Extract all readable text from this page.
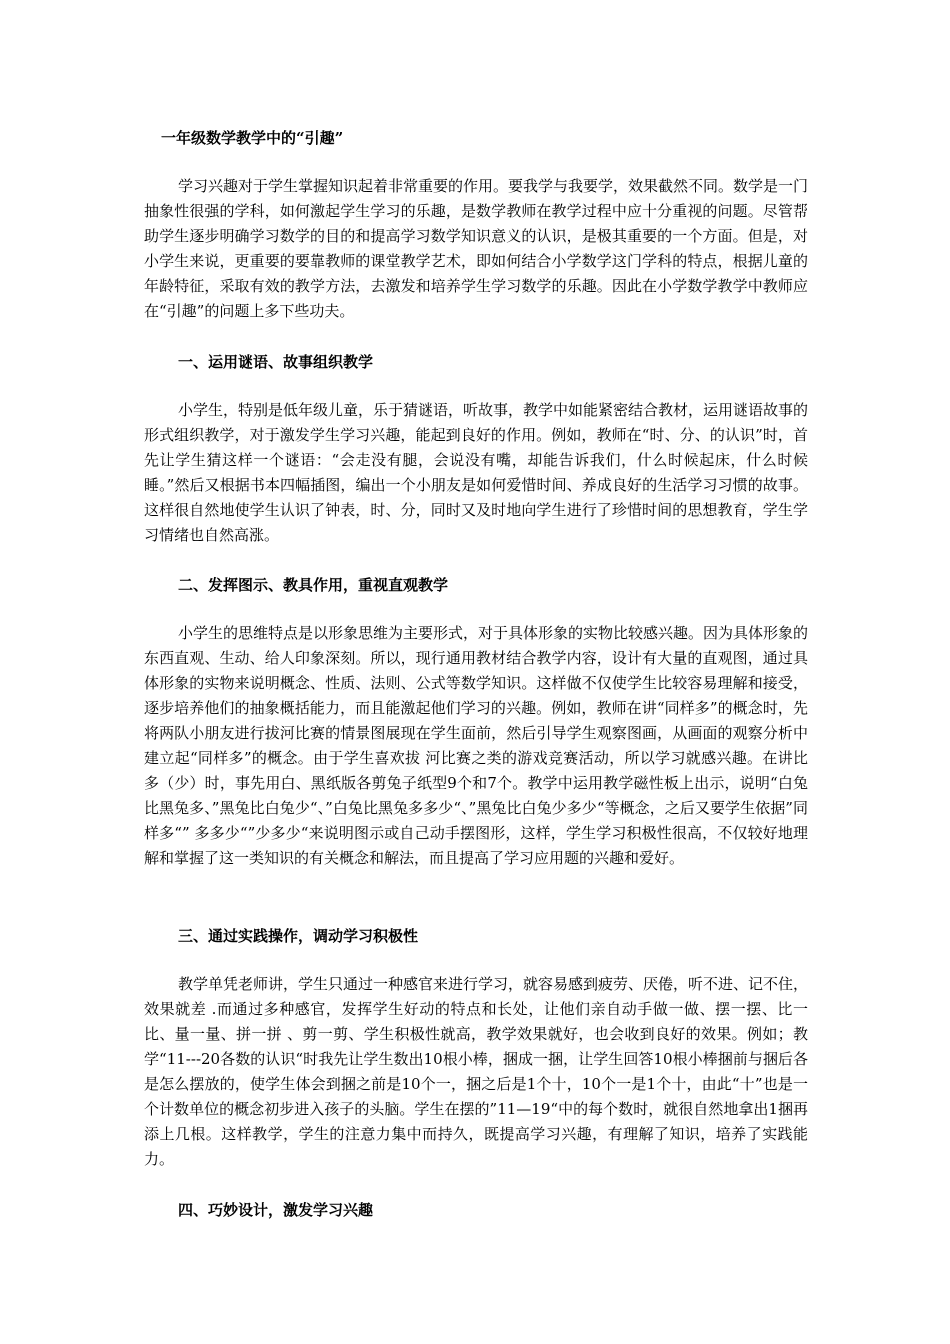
一年级数学教学中的“引趣”

学习兴趣对于学生掌握知识起着非常重要的作用。要我学与我要学，效果截然不同。数学是一门抽象性很强的学科，如何激起学生学习的乐趣，是数学教师在教学过程中应十分重视的问题。尽管帮助学生逐步明确学习数学的目的和提高学习数学知识意义的认识，是极其重要的一个方面。但是，对小学生来说，更重要的要靠教师的课堂教学艺术，即如何结合小学数学这门学科的特点，根据儿童的年龄特征，采取有效的教学方法，去激发和培养学生学习数学的乐趣。因此在小学数学教学中教师应在“引趣”的问题上多下些功夫。

一、运用谜语、故事组织教学

小学生，特别是低年级儿童，乐于猜谜语，听故事，教学中如能紧密结合教材，运用谜语故事的形式组织教学，对于激发学生学习兴趣，能起到良好的作用。例如，教师在“时、分、的认识”时，首先让学生猜这样一个谜语：“会走没有腿，会说没有嘴，却能告诉我们，什么时候起床，什么时候睡。”然后又根据书本四幅插图，编出一个小朋友是如何爱惜时间、养成良好的生活学习习惯的故事。这样很自然地使学生认识了钟表，时、分，同时又及时地向学生进行了珍惜时间的思想教育，学生学习情绪也自然高涨。

二、发挥图示、教具作用，重视直观教学

小学生的思维特点是以形象思维为主要形式，对于具体形象的实物比较感兴趣。因为具体形象的东西直观、生动、给人印象深刻。所以，现行通用教材结合教学内容，设计有大量的直观图，通过具体形象的实物来说明概念、性质、法则、公式等数学知识。这样做不仅使学生比较容易理解和接受，逐步培养他们的抽象概括能力，而且能激起他们学习的兴趣。例如，教师在讲“同样多”的概念时，先将两队小朋友进行拔河比赛的情景图展现在学生面前，然后引导学生观察图画，从画面的观察分析中建立起“同样多”的概念。由于学生喜欢拔 河比赛之类的游戏竞赛活动，所以学习就感兴趣。在讲比多（少）时，事先用白、黑纸版各剪兔子纸型9个和7个。教学中运用教学磁性板上出示，说明“白兔比黑兔多、”黑兔比白兔少“、”白兔比黑兔多多少“、”黑兔比白兔少多少“等概念，之后又要学生依据”同样多“” 多多少“”少多少“来说明图示或自己动手摆图形，这样，学生学习积极性很高，不仅较好地理解和掌握了这一类知识的有关概念和解法，而且提高了学习应用题的兴趣和爱好。

三、通过实践操作，调动学习积极性

教学单凭老师讲，学生只通过一种感官来进行学习，就容易感到疲劳、厌倦，听不进、记不住，效果就差 .而通过多种感官，发挥学生好动的特点和长处，让他们亲自动手做一做、摆一摆、比一比、量一量、拼一拼 、剪一剪、学生积极性就高，教学效果就好，也会收到良好的效果。例如；教学“11---20各数的认识“时我先让学生数出10根小棒，捆成一捆，让学生回答10根小棒捆前与捆后各是怎么摆放的，使学生体会到捆之前是10个一，捆之后是1个十，10个一是1个十，由此“十”也是一个计数单位的概念初步进入孩子的头脑。学生在摆的”11—19“中的每个数时，就很自然地拿出1捆再添上几根。这样教学，学生的注意力集中而持久，既提高学习兴趣，有理解了知识，培养了实践能力。

四、巧妙设计，激发学习兴趣
